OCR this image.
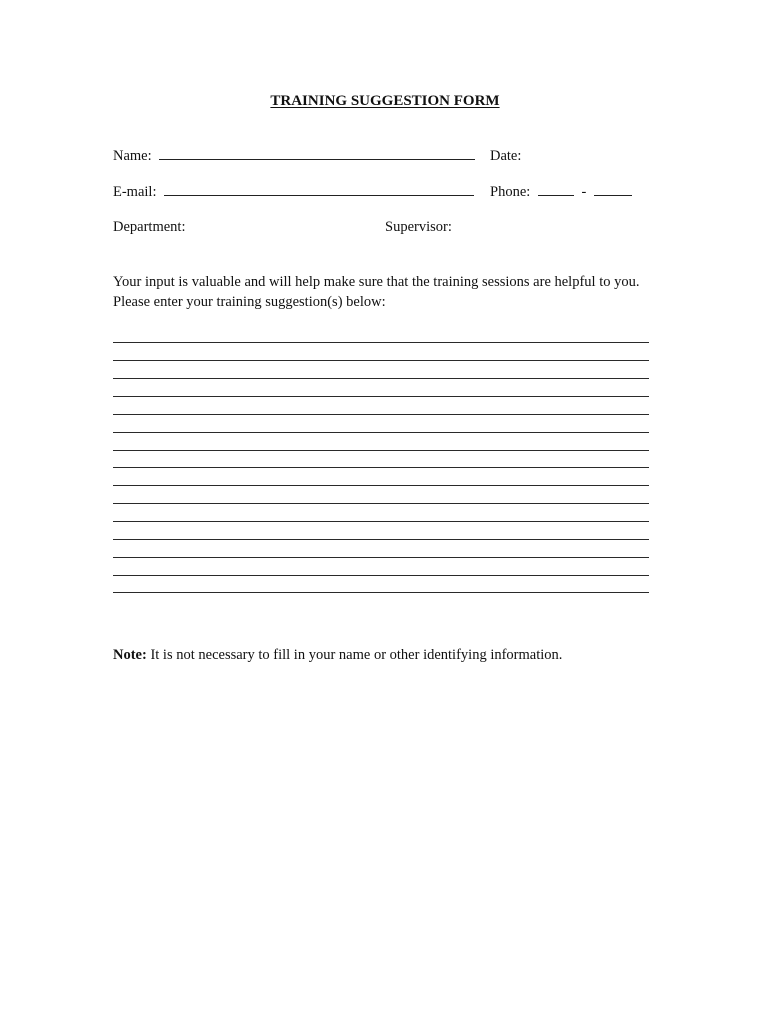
TRAINING SUGGESTION FORM
Name:	Date:
E-mail:	Phone:	-
Department:	Supervisor:
Your input is valuable and will help make sure that the training sessions are helpful to you. Please enter your training suggestion(s) below:
Note: It is not necessary to fill in your name or other identifying information.
